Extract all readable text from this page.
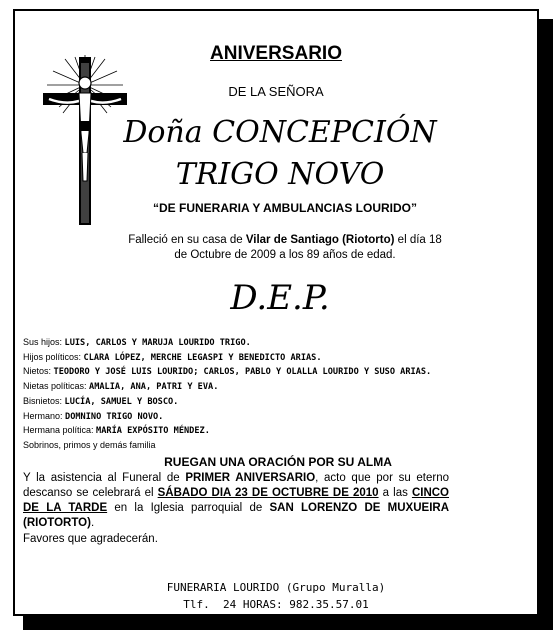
ANIVERSARIO
DE LA SEÑORA
Doña CONCEPCIÓN
TRIGO NOVO
“DE FUNERARIA Y AMBULANCIAS LOURIDO”
Falleció en su casa de Vilar de Santiago (Riotorto) el día 18 de Octubre de 2009 a los 89 años de edad.
D.E.P.
Sus hijos: LUIS, CARLOS Y MARUJA LOURIDO TRIGO.
Hijos políticos: CLARA LÓPEZ, MERCHE LEGASPI Y BENEDICTO ARIAS.
Nietos: TEODORO Y JOSÉ LUIS LOURIDO; CARLOS, PABLO Y OLALLA LOURIDO Y SUSO ARIAS.
Nietas políticas: AMALIA, ANA, PATRI Y EVA.
Bisnietos: LUCÍA, SAMUEL Y BOSCO.
Hermano: DOMNINO TRIGO NOVO.
Hermana política: MARÍA EXPÓSITO MÉNDEZ.
Sobrinos, primos y demás familia
RUEGAN UNA ORACIÓN POR SU ALMA
Y la asistencia al Funeral de PRIMER ANIVERSARIO, acto que por su eterno descanso se celebrará el SÁBADO DIA 23 DE OCTUBRE DE 2010 a las CINCO DE LA TARDE en la Iglesia parroquial de SAN LORENZO DE MUXUEIRA (RIOTORTO).
Favores que agradecerán.
FUNERARIA LOURIDO (Grupo Muralla)
Tlf.  24 HORAS: 982.35.57.01
